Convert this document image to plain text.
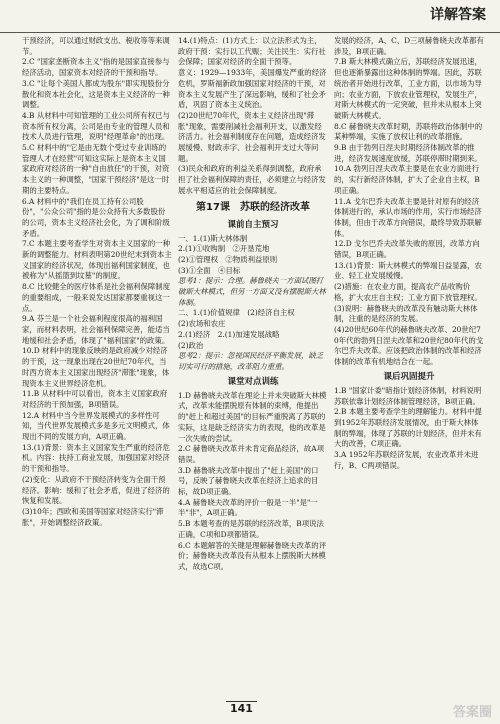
详解答案

干预经济，可以通过财政支出、税收等等来调节。

2.C "国家垄断资本主义"指的是国家直接参与经济活动，国家资本对经济的干预和指导。

3.C "让每个美国人都成为股东"即实现股份分散化和资本社会化，这是资本主义经济的一种调整。

4.B 从材料中可知管理的工业公司所有权已与资本所有权分离，公司是由专业的管理人员和技术人员进行管理，说明"经理革命"的出现。

5.C 材料中的"它是由无数个受过专业训练的管理人才在经营"可知这实际上是资本主义国家政府对经济的一种"自由放任"的干预，对资本主义的一种调整，"国家干预经济"是这一时期的主要特点。

6.A 材料中的"我们在员工持有公司股份"，"公众公司"指的是公众持有大多数股份的公司，资本主义经济社会化，为了调和阶级矛盾。

7.C 本题主要考查学生对资本主义国家的一种新的调整能力。材料表明第20世纪末到资本主义国家的经济状况，体现出福利国家制度，也被称为"从摇篮到坟墓"的制度。

8.C 比较健全的医疗体系是社会福利保障制度的重要组成，一般来说发达国家都要重视这一点。

9.A 芬兰是一个社会福利程度很高的福利国家，而材料表明，社会福利保障完善，能适当地缓和社会矛盾，体现了"福利国家"的政策。

10.D 材料中的现象反映的是政府减少对经济的干预，这一现象出现在20世纪70年代，当时西方资本主义国家出现经济"滞胀"现象，体现资本主义世界经济危机。

11.B 从材料中可以看出，资本主义国家政府对经济的干预加强，B项错误。

12.A 材料中当今世界发展模式的多样性可知，当代世界发展模式多是多元文明模式，体现出不同的发展方向，A项正确。

13.(1)背景：资本主义国家发生严重的经济危机。内容：扶持工商业发展，加强国家对经济的干预和指导。

(2)变化：从政府不干预经济转变为全面干预经济。影响：缓和了社会矛盾，促进了经济的恢复和发展。

(3)10年；西欧和美国等国家对经济实行"滞胀"，开始调整经济政策。

14.(1)特点：(1)方式上：以立法形式为主，政府干预：实行以工代赈；关注民生：实行社会保障；国家对经济的全面干预等。

意义：1929—1933年，美国爆发严重的经济危机，罗斯福新政加强国家对经济的干预，对资本主义发展产生了深远影响，缓和了社会矛盾，巩固了资本主义统治。

(2)20世纪70年代，资本主义经济出现"滞胀"现象，需要削减社会福利开支，以激发经济活力。社会福利制度存在问题，造成经济发展缓慢、财政赤字、社会福利开支过大等问题。

(3)民众和政府的利益关系得到调整，政府承担了社会福利保障的责任，必须建立与经济发展水平相适应的社会保障制度。

第17课　苏联的经济改革
课前自主预习

一、1.(1)斯大林体制

2.(1)①收购制　②开垦荒地

(2)①管理权　②物质利益原则

(3)①全面　④目标

思考1：提示：合理。赫鲁晓夫一方面试图打破斯大林模式，但另一方面又没有摆脱斯大林体制。

二、1.(1)价值规律　(2)经济自主权

(2)农场和农庄

2.(1)经济　2.(1)加速发展战略

(2)政治

思考2：提示：忽视国民经济平衡发展，缺乏切实可行的措施，改革阻力重重。

课堂对点训练

1.D 赫鲁晓夫改革在理论上并未突破斯大林模式，改革未能摆脱原有体制的束缚，他提出的"赶上和超过美国"的目标严重脱离了苏联的实际，这是缺乏经济实力的表现，他的改革是一次失败的尝试。

2.C 赫鲁晓夫改革并未肯定商品经济，故A项错误。

3.D 赫鲁晓夫改革中提出了"赶上美国"的口号，反映了赫鲁晓夫改革在经济上追求的目标，故D项正确。

4.A 赫鲁晓夫改革的评价一般是一半"是"一半"非"，A项正确。

5.B 本题考查的是苏联的经济改革，B项说法正确，C项和D项都错误。

6.C 本题解答的关键是理解赫鲁晓夫改革的评价；赫鲁晓夫改革没有从根本上摆脱斯大林模式，故选C项。

发展的经济，A、C、D三项赫鲁晓夫改革都有涉及，B项正确。

7.B 斯大林模式确立后，苏联经济发展迅速，但也逐渐暴露出这种体制的弊端。因此，苏联统治者开始进行改革，工业方面，以市场为导向；农业方面，下放农业管理权，发展生产，对斯大林模式的一定突破，但并未从根本上突破斯大林模式。

8.C 赫鲁晓夫改革时期，苏联将政治体制中的某种弊端，实施了放权让利的改革措施。

9.B 由于勃列日涅夫时期经济体制改革的推进，经济发展速度放缓，苏联停滞时期到来。

10.A 勃列日涅夫改革主要是在农业方面进行的，实行新经济体制，扩大了企业自主权，B项正确。

11.A 戈尔巴乔夫改革主要是针对原有的经济体制进行的，承认市场的作用，实行市场经济体制，但由于改革方向错误，最终导致苏联解体。

12.D 戈尔巴乔夫改革失败的原因，改革方向错误，B项正确。

13.(1)背景：斯大林模式的弊端日益显露，农业、轻工业发展缓慢。

(2)措施：在农业方面，提高农产品收购价格，扩大农庄自主权；工业方面下放管理权。

(3)说明：赫鲁晓夫的改革没有触动斯大林体制，注重的是经济的发展。

(4)20世纪60年代的赫鲁晓夫改革、20世纪70年代的勃列日涅夫改革和20世纪80年代的戈尔巴乔夫改革。应该把政治体制的改革和经济体制的改革有机地结合在一起。

课后巩固提升

1.B "国家计委"暗指计划经济体制，材料说明苏联依靠计划经济体制管理经济，B项正确。

2.B 本题主要考查学生的理解能力。材料中提到1952年苏联经济发展情况，由于斯大林体制的弊端，体现了苏联的计划经济，但并未有大的改善，C项正确。

3.A 1952年苏联经济发展，农业改革并未进行，B、C两项错误。

141	答案圈
